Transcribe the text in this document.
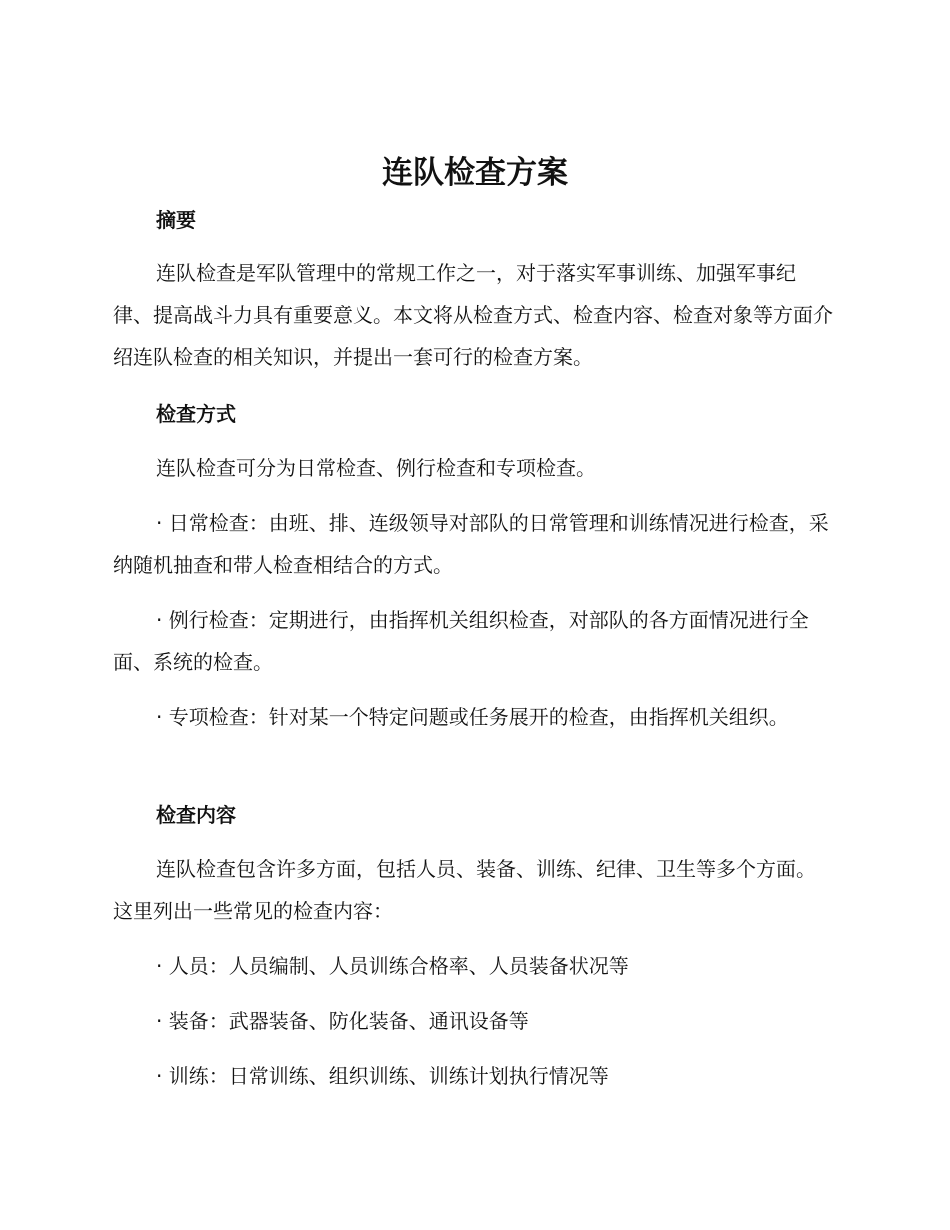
连队检查方案
摘要

连队检查是军队管理中的常规工作之一，对于落实军事训练、加强军事纪律、提高战斗力具有重要意义。本文将从检查方式、检查内容、检查对象等方面介绍连队检查的相关知识，并提出一套可行的检查方案。

检查方式

连队检查可分为日常检查、例行检查和专项检查。

· 日常检查：由班、排、连级领导对部队的日常管理和训练情况进行检查，采纳随机抽查和带人检查相结合的方式。

· 例行检查：定期进行，由指挥机关组织检查，对部队的各方面情况进行全面、系统的检查。

· 专项检查：针对某一个特定问题或任务展开的检查，由指挥机关组织。

检查内容

连队检查包含许多方面，包括人员、装备、训练、纪律、卫生等多个方面。这里列出一些常见的检查内容：

· 人员：人员编制、人员训练合格率、人员装备状况等

· 装备：武器装备、防化装备、通讯设备等

· 训练：日常训练、组织训练、训练计划执行情况等
